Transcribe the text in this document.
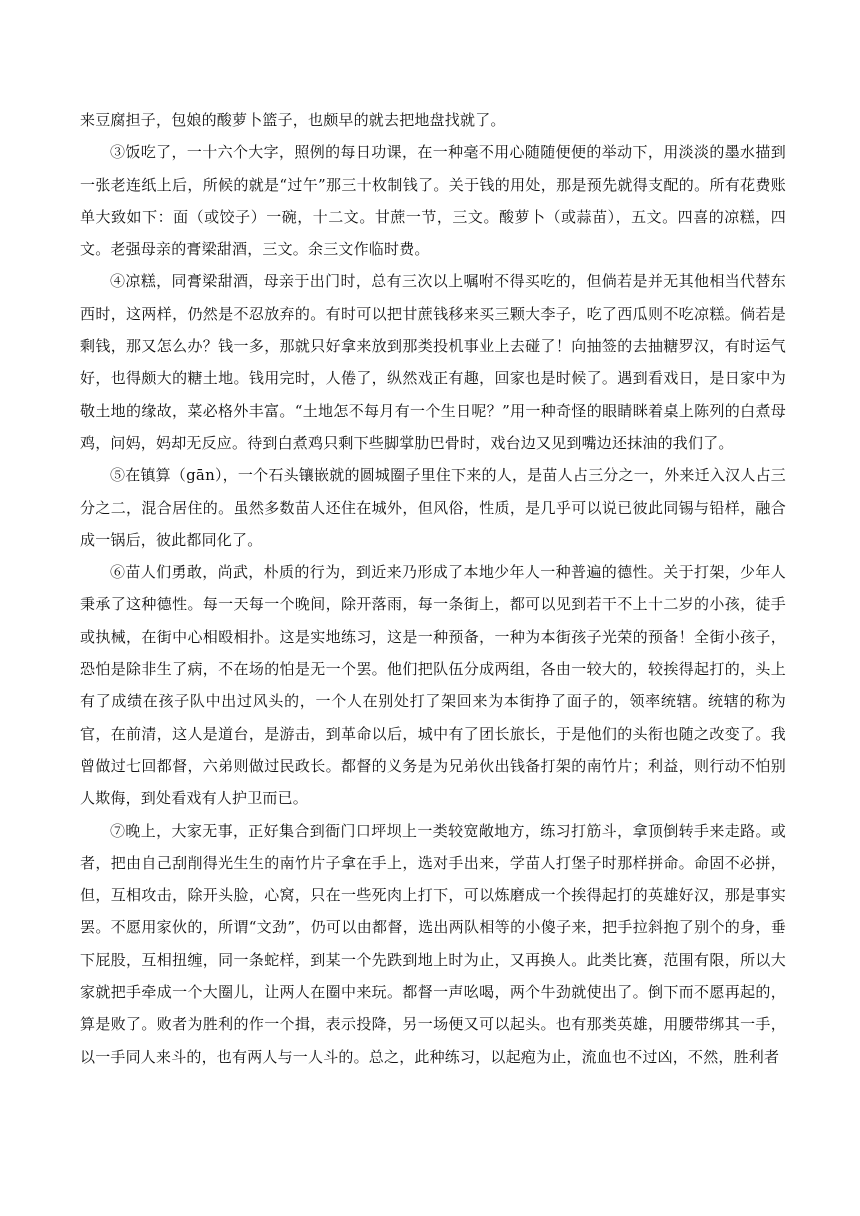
来豆腐担子，包娘的酸萝卜篮子，也颇早的就去把地盘找就了。

③饭吃了，一十六个大字，照例的每日功课，在一种毫不用心随随便便的举动下，用淡淡的墨水描到一张老连纸上后，所候的就是“过午”那三十枚制钱了。关于钱的用处，那是预先就得支配的。所有花费账单大致如下：面（或饺子）一碗，十二文。甘蔗一节，三文。酸萝卜（或蒜苗），五文。四喜的凉糕，四文。老强母亲的膏梁甜酒，三文。余三文作临时费。

④凉糕，同膏梁甜酒，母亲于出门时，总有三次以上嘱咐不得买吃的，但倘若是并无其他相当代替东西时，这两样，仍然是不忍放弃的。有时可以把甘蔗钱移来买三颗大李子，吃了西瓜则不吃凉糕。倘若是剩钱，那又怎么办？钱一多，那就只好拿来放到那类投机事业上去碰了！向抽签的去抽糖罗汉，有时运气好，也得颇大的糖土地。钱用完时，人倦了，纵然戏正有趣，回家也是时候了。遇到看戏日，是日家中为敬土地的缘故，菜必格外丰富。“土地怎不每月有一个生日呢？”用一种奇怪的眼睛眯着桌上陈列的白煮母鸡，问妈，妈却无反应。待到白煮鸡只剩下些脚掌肋巴骨时，戏台边又见到嘴边还抹油的我们了。

⑤在镇算（gān），一个石头镶嵌就的圆城圈子里住下来的人，是苗人占三分之一，外来迁入汉人占三分之二，混合居住的。虽然多数苗人还住在城外，但风俗，性质，是几乎可以说已彼此同锡与铅样，融合成一锅后，彼此都同化了。

⑥苗人们勇敢，尚武，朴质的行为，到近来乃形成了本地少年人一种普遍的德性。关于打架，少年人秉承了这种德性。每一天每一个晚间，除开落雨，每一条街上，都可以见到若干不上十二岁的小孩，徒手或执械，在街中心相殴相扑。这是实地练习，这是一种预备，一种为本街孩子光荣的预备！全街小孩子，恐怕是除非生了病，不在场的怕是无一个罢。他们把队伍分成两组，各由一较大的，较挨得起打的，头上有了成绩在孩子队中出过风头的，一个人在别处打了架回来为本街挣了面子的，领率统辖。统辖的称为官，在前清，这人是道台，是游击，到革命以后，城中有了团长旅长，于是他们的头衔也随之改变了。我曾做过七回都督，六弟则做过民政长。都督的义务是为兄弟伙出钱备打架的南竹片；利益，则行动不怕别人欺侮，到处看戏有人护卫而已。

⑦晚上，大家无事，正好集合到衙门口坪坝上一类较宽敞地方，练习打筋斗，拿顶倒转手来走路。或者，把由自己刮削得光生生的南竹片子拿在手上，选对手出来，学苗人打堡子时那样拼命。命固不必拼，但，互相攻击，除开头脸，心窝，只在一些死肉上打下，可以炼磨成一个挨得起打的英雄好汉，那是事实罢。不愿用家伙的，所谓“文劲”，仍可以由都督，选出两队相等的小傻子来，把手拉斜抱了别个的身，垂下屁股，互相扭缠，同一条蛇样，到某一个先跌到地上时为止，又再换人。此类比赛，范围有限，所以大家就把手牵成一个大圈儿，让两人在圈中来玩。都督一声吆喝，两个牛劲就使出了。倒下而不愿再起的，算是败了。败者为胜利的作一个揖，表示投降，另一场便又可以起头。也有那类英雄，用腰带绑其一手，以一手同人来斗的，也有两人与一人斗的。总之，此种练习，以起疱为止，流血也不过凶，不然，胜利者
